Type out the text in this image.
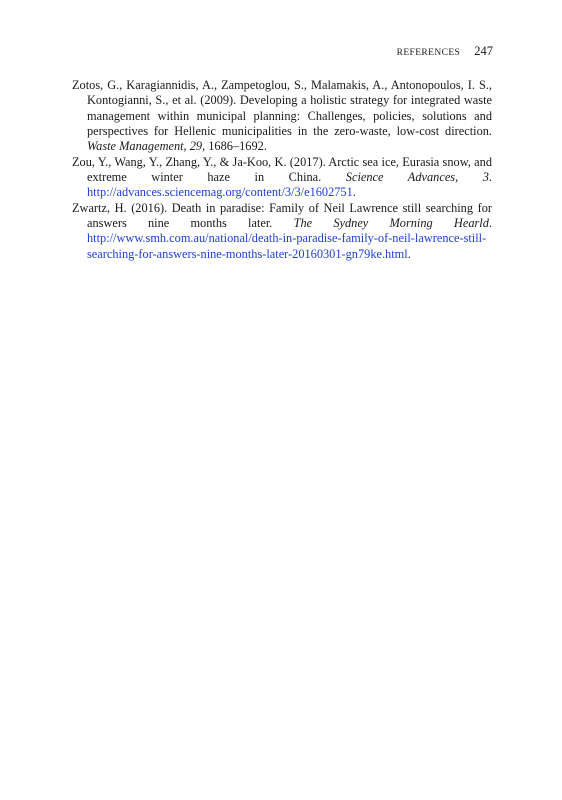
REFERENCES 247
Zotos, G., Karagiannidis, A., Zampetoglou, S., Malamakis, A., Antonopoulos, I. S., Kontogianni, S., et al. (2009). Developing a holistic strategy for integrated waste management within municipal planning: Challenges, policies, solutions and perspectives for Hellenic municipalities in the zero-waste, low-cost direction. Waste Management, 29, 1686–1692.
Zou, Y., Wang, Y., Zhang, Y., & Ja-Koo, K. (2017). Arctic sea ice, Eurasia snow, and extreme winter haze in China. Science Advances, 3. http://advances.sciencemag.org/content/3/3/e1602751.
Zwartz, H. (2016). Death in paradise: Family of Neil Lawrence still searching for answers nine months later. The Sydney Morning Hearld. http://www.smh.com.au/national/death-in-paradise-family-of-neil-lawrence-still-searching-for-answers-nine-months-later-20160301-gn79ke.html.
